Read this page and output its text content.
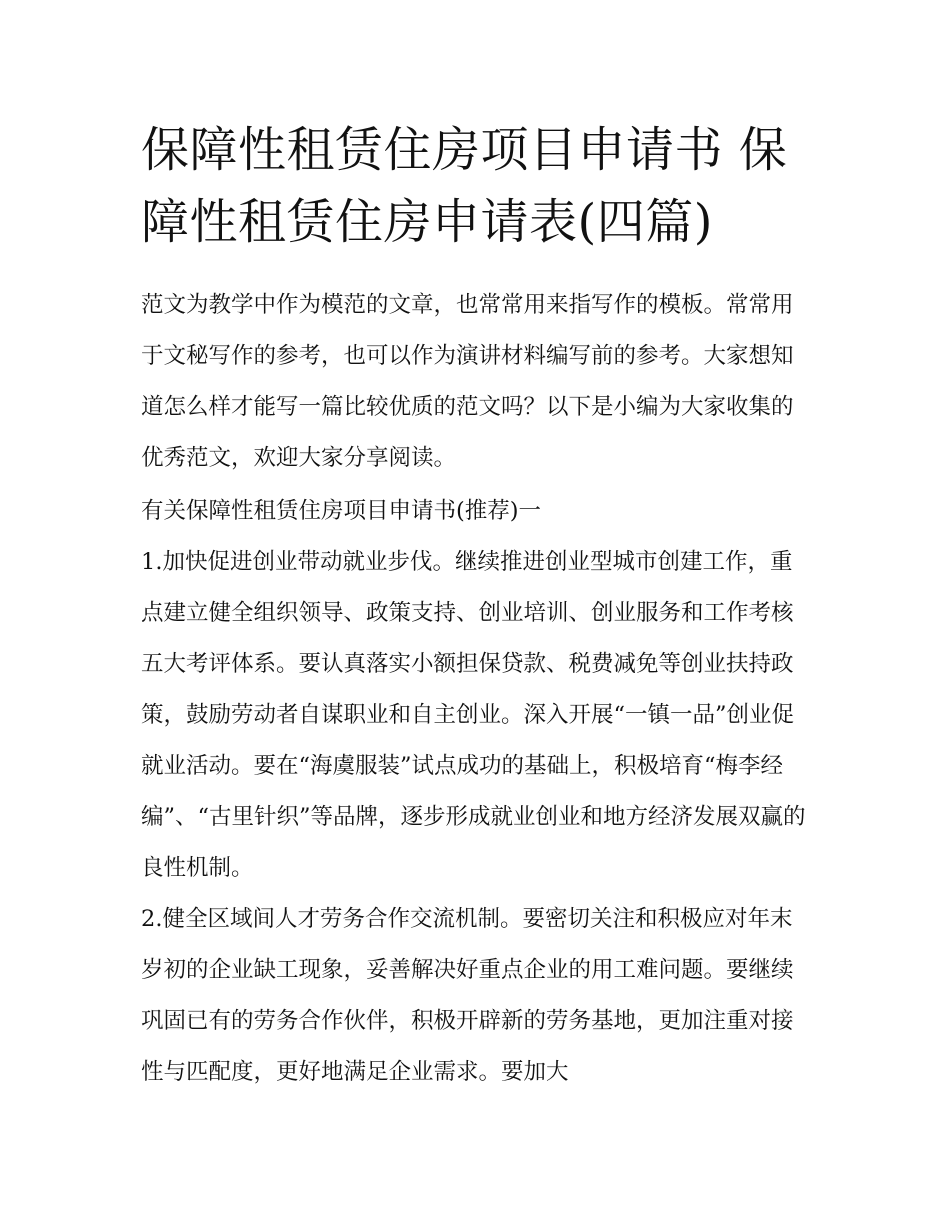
保障性租赁住房项目申请书 保障性租赁住房申请表(四篇)

范文为教学中作为模范的文章，也常常用来指写作的模板。常常用于文秘写作的参考，也可以作为演讲材料编写前的参考。大家想知道怎么样才能写一篇比较优质的范文吗？以下是小编为大家收集的优秀范文，欢迎大家分享阅读。

有关保障性租赁住房项目申请书(推荐)一

1.加快促进创业带动就业步伐。继续推进创业型城市创建工作，重点建立健全组织领导、政策支持、创业培训、创业服务和工作考核五大考评体系。要认真落实小额担保贷款、税费减免等创业扶持政策，鼓励劳动者自谋职业和自主创业。深入开展“一镇一品”创业促就业活动。要在“海虞服装”试点成功的基础上，积极培育“梅李经编”、“古里针织”等品牌，逐步形成就业创业和地方经济发展双赢的良性机制。

2.健全区域间人才劳务合作交流机制。要密切关注和积极应对年末岁初的企业缺工现象，妥善解决好重点企业的用工难问题。要继续巩固已有的劳务合作伙伴，积极开辟新的劳务基地，更加注重对接性与匹配度，更好地满足企业需求。要加大
